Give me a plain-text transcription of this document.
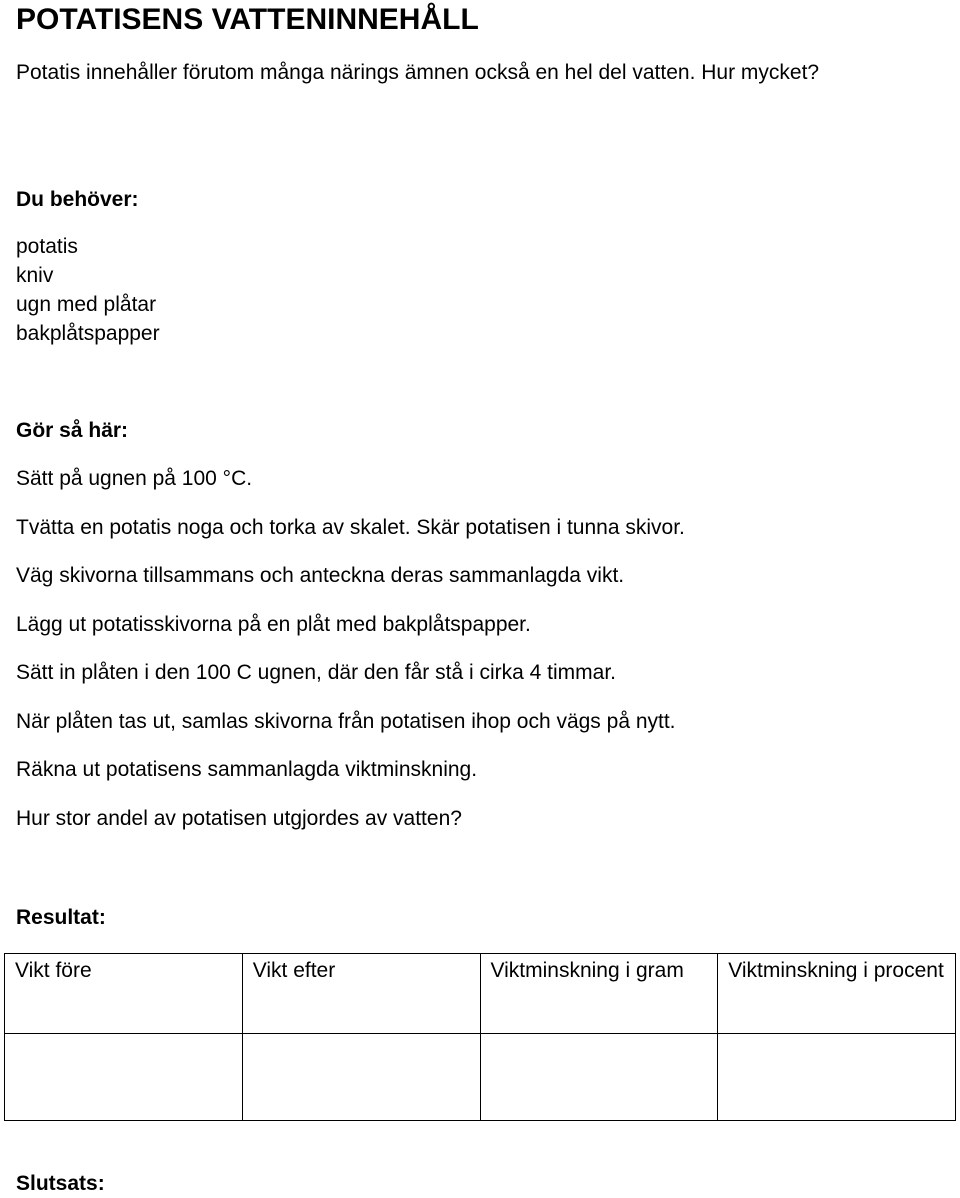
POTATISENS VATTENINNEHÅLL
Potatis innehåller förutom många närings ämnen också en hel del vatten. Hur mycket?
Du behöver:
potatis
kniv
ugn med plåtar
bakplåtspapper
Gör så här:
Sätt på ugnen på 100 °C.
Tvätta en potatis noga och torka av skalet. Skär potatisen i tunna skivor.
Väg skivorna tillsammans och anteckna deras sammanlagda vikt.
Lägg ut potatisskivorna på en plåt med bakplåtspapper.
Sätt in plåten i den 100 C ugnen, där den får stå i cirka 4 timmar.
När plåten tas ut, samlas skivorna från potatisen ihop och vägs på nytt.
Räkna ut potatisens sammanlagda viktminskning.
Hur stor andel av potatisen utgjordes av vatten?
Resultat:
Vikt före	Vikt efter	Viktminskning i gram	Viktminskning i procent

Slutsats:
